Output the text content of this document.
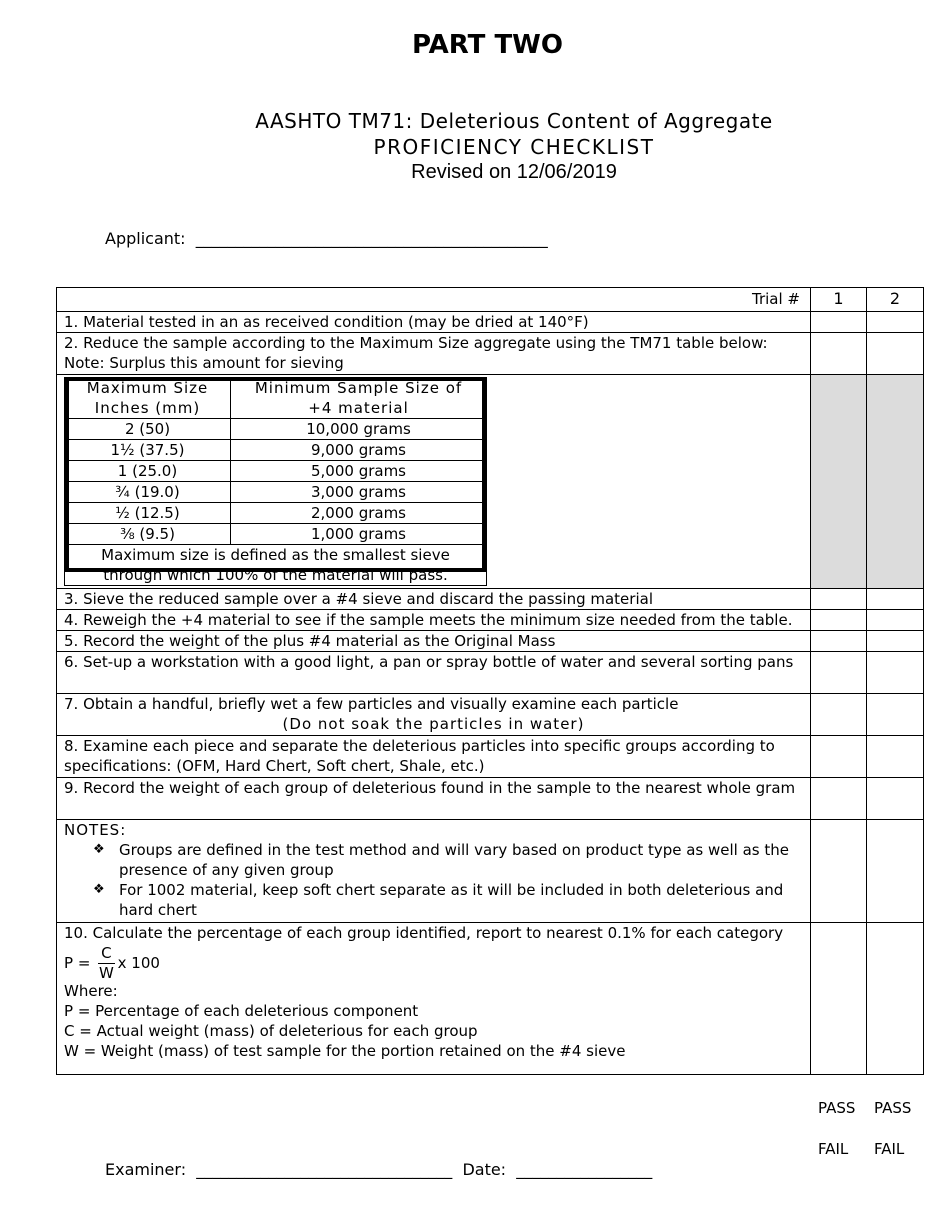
PART TWO
AASHTO TM71: Deleterious Content of Aggregate
PROFICIENCY CHECKLIST
Revised on 12/06/2019
Applicant: ____________________________________________
Trial #	1	2
1. Material tested in an as received condition (may be dried at 140°F)		

2. Reduce the sample according to the Maximum Size aggregate using the TM71 table below:
Note: Surplus this amount for sieving

Maximum Size
Inches (mm)

Minimum Sample Size of
+4 material

2 (50)	10,000 grams
1½ (37.5)	9,000 grams
1 (25.0)	5,000 grams
¾ (19.0)	3,000 grams
½ (12.5)	2,000 grams
⅜ (9.5)	1,000 grams

Maximum size is defined as the smallest sieve
through which 100% of the material will pass.

3. Sieve the reduced sample over a #4 sieve and discard the passing material		
4. Reweigh the +4 material to see if the sample meets the minimum size needed from the table.		
5. Record the weight of the plus #4 material as the Original Mass		
6. Set-up a workstation with a good light, a pan or spray bottle of water and several sorting pans		

7. Obtain a handful, briefly wet a few particles and visually examine each particle
(Do not soak the particles in water)

8. Examine each piece and separate the deleterious particles into specific groups according to specifications: (OFM, Hard Chert, Soft chert, Shale, etc.)		
9. Record the weight of each group of deleterious found in the sample to the nearest whole gram		

NOTES:
❖ Groups are defined in the test method and will vary based on product type as well as the presence of any given group
❖ For 1002 material, keep soft chert separate as it will be included in both deleterious and hard chert

10. Calculate the percentage of each group identified, report to nearest 0.1% for each category
$P = \frac{C}{W}$ x 100
Where:
P = Percentage of each deleterious component
C = Actual weight (mass) of deleterious for each group
W = Weight (mass) of test sample for the portion retained on the #4 sieve

PASS PASS
FAIL FAIL
Examiner: ________________________________ Date: _________________
